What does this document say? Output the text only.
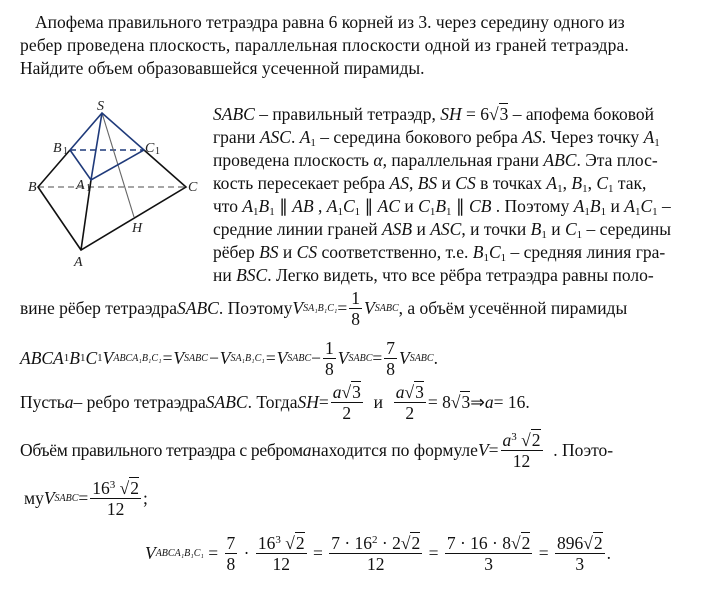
Апофема правильного тетраэдра равна 6 корней из 3. через середину одного из
ребер проведена плоскость, параллельная плоскости одной из граней тетраэдра.
Найдите объем образовавшейся усеченной пирамиды.
S
B 1	C 1
A 1
B	C
H
A
SABC – правильный тетраэдр, SH = 6√3 – апофема боковой
грани ASC. $A_1$ – середина бокового ребра AS. Через точку $A_1$
проведена плоскость α, параллельная грани ABC. Эта плос-
кость пересекает ребра AS, BS и CS в точках $A_1$, $B_1$, $C_1$ так,
что $A_1B_1$ ∥ AB , $A_1C_1$ ∥ AC и $C_1B_1$ ∥ CB . Поэтому $A_1B_1$ и $A_1C_1$ –
средние линии граней ASB и ASC, и точки $B_1$ и $C_1$ – середины
рёбер BS и CS соответственно, т.е. $B_1C_1$ – средняя линия гра-
ни BSC. Легко видеть, что все рёбра тетраэдра равны поло-
вине рёбер тетраэдра SABC . Поэтому V $SA_1B_1C_1 = \frac{1}{8}$ V SABC , а объём усечённой пирамиды
ABCA 1 B 1 C 1 V ABCA₁B₁C₁ =V SABC −V SA₁B₁C₁ =V SABC − $\frac{1}{8}$ V SABC = $\frac{7}{8}$ V SABC .
Пусть a – ребро тетраэдра SABC . Тогда SH = $\frac{a√3}{2}$ и $\frac{a√3}{2} = 8$ √ 3 ⇒ a = 16.
Объём правильного тетраэдра с ребром a находится по формуле $V = \frac{a^3 √2}{12}$ . Поэто-
му V SABC = $\frac{16^3 √2}{12}$ ;
V ABCA₁B₁C₁ = $\frac{7}{8} \cdot \frac{16^3 √2}{12} = \frac{7 \cdot 16^2 \cdot 2√2}{12} = \frac{7 \cdot 16 \cdot 8√2}{3} = \frac{896√2}{3}$ .
